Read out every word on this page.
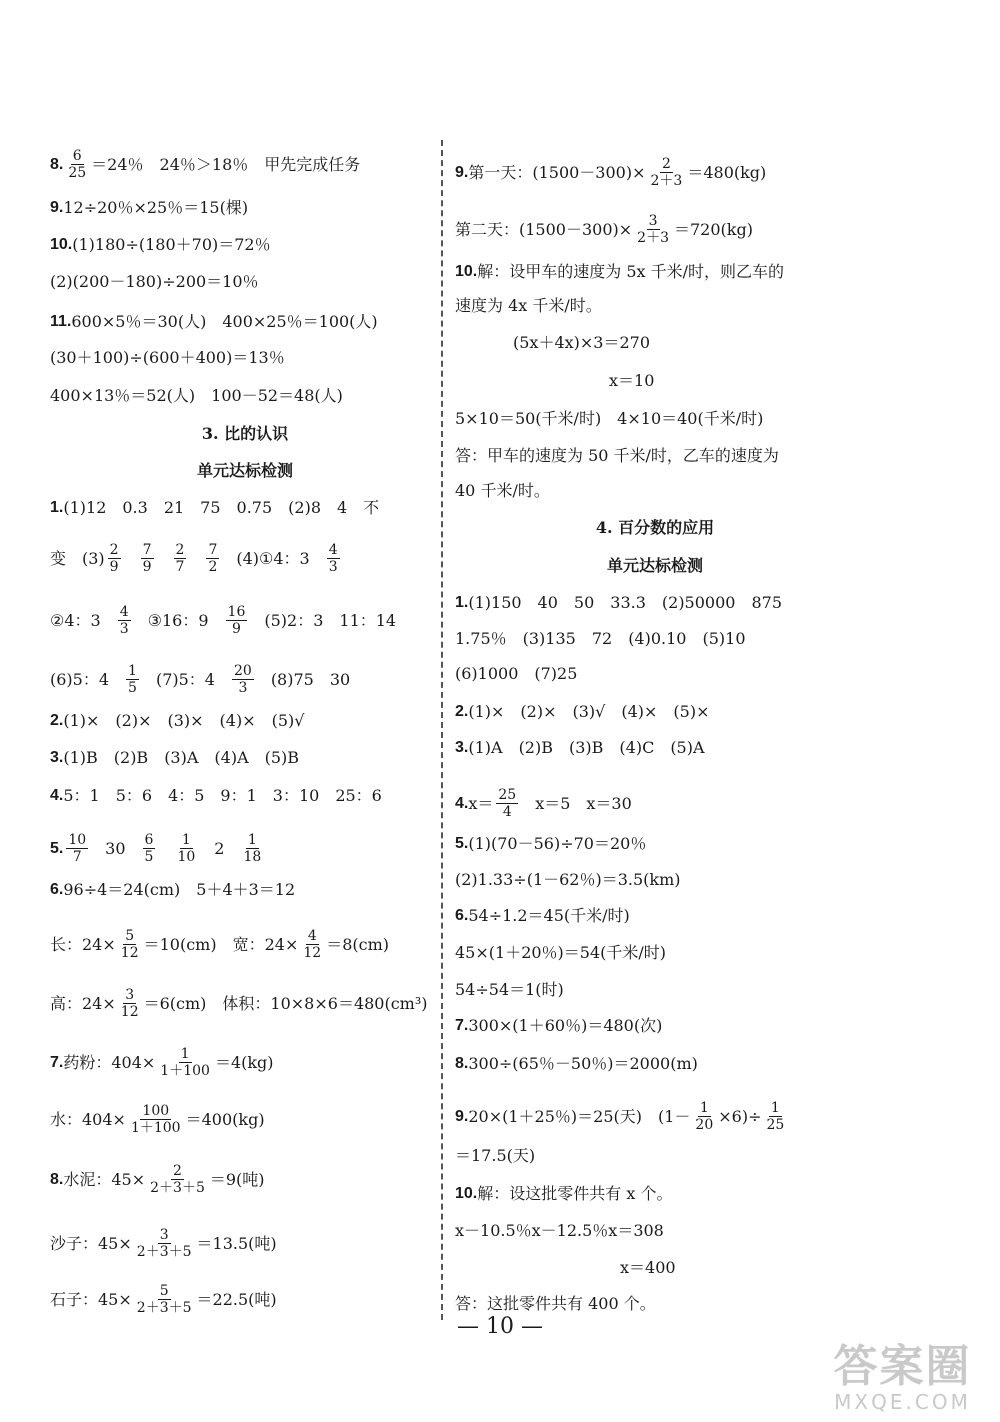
8. $\frac{6}{25} =24$％　24％＞18％　甲先完成任务
9. 12÷20％×25％＝15(棵)
10. (1)180÷(180＋70)＝72％
(2)(200－180)÷200＝10％
11. 600×5％＝30(人)　400×25％＝100(人)
(30＋100)÷(600＋400)＝13％
400×13％＝52(人)　100－52＝48(人)
3. 比的认识
单元达标检测
1. (1)12　0.3　21　75　0.75　(2)8　4　不
变　$(3) \frac{2}{9} \frac{7}{9} \frac{2}{7} \frac{7}{2}$ (4)①4：$3 \frac{4}{3}$
②4：$3 \frac{4}{3}$ ③16：$9 \frac{16}{9} (5)2$：3　11：14
(6)5：$4 \frac{1}{5} (7)5$：$4 \frac{20}{3} (8)75$　30
2. (1)×　(2)×　(3)×　(4)×　(5)√
3. (1)B　(2)B　(3)A　(4)A　(5)B
4. 5：1　5：6　4：5　9：1　3：10　25：6
5. $\frac{10}{7} 30 \frac{6}{5} \frac{1}{10} 2 \frac{1}{18}$
6. 96÷4＝24(cm)　5＋4＋3＝12
长：$24\times \frac{5}{12} =10(cm)$　宽：$24\times \frac{4}{12} =8(cm)$
高：$24\times \frac{3}{12} =6(cm)$　体积：10×8×6＝480(cm³)
7. 药粉：$404\times \frac{1}{1+100} =4(kg)$
水：$404\times \frac{100}{1+100} =400(kg)$
8. 水泥：$45\times \frac{2}{2+3+5} =9$(吨)
沙子：$45\times \frac{3}{2+3+5} =13.5$(吨)
石子：$45\times \frac{5}{2+3+5} =22.5$(吨)
9. 第一天：$(1500-300)\times \frac{2}{2+3} =480(kg)$
第二天：$(1500-300)\times \frac{3}{2+3} =720(kg)$
10. 解：设甲车的速度为 5x 千米/时，则乙车的
速度为 4x 千米/时。
(5x＋4x)×3＝270
x＝10
5×10＝50(千米/时)　4×10＝40(千米/时)
答：甲车的速度为 50 千米/时，乙车的速度为
40 千米/时。
4. 百分数的应用
单元达标检测
1. (1)150　40　50　33.3　(2)50000　875
1.75％　(3)135　72　(4)0.10　(5)10
(6)1000　(7)25
2. (1)×　(2)×　(3)√　(4)×　(5)×
3. (1)A　(2)B　(3)B　(4)C　(5)A
4. $x= \frac{25}{4} x=5$　x＝30
5. (1)(70－56)÷70＝20％
(2)1.33÷(1－62％)＝3.5(km)
6. 54÷1.2＝45(千米/时)
45×(1＋20％)＝54(千米/时)
54÷54＝1(时)
7. 300×(1＋60％)＝480(次)
8. 300÷(65％－50％)＝2000(m)
9. 20×(1＋25％)＝25(天)　$(1- \frac{1}{20} \times 6)\div \frac{1}{25}$
＝17.5(天)
10. 解：设这批零件共有 x 个。
x－10.5％x－12.5％x＝308
x＝400
答：这批零件共有 400 个。
— 10 —
答案圈
MXQE.COM
